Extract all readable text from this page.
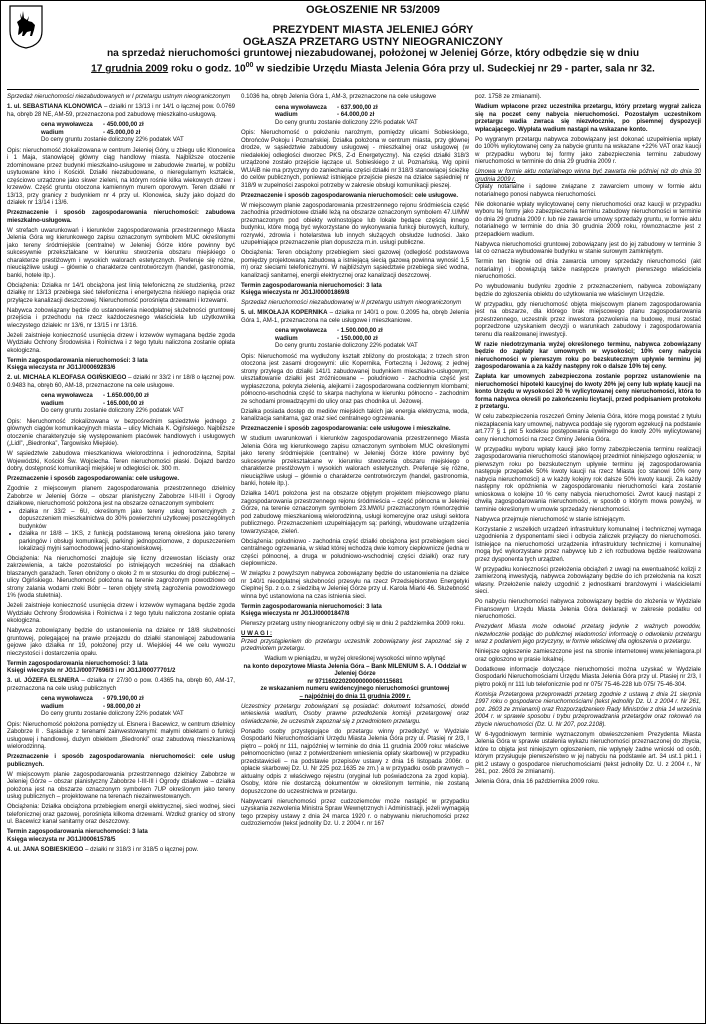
OGŁOSZENIE NR 53/2009
PREZYDENT MIASTA JELENIEJ GÓRY
OGŁASZA PRZETARG USTNY NIEOGRANICZONY
na sprzedaż nieruchomości gruntowej niezabudowanej, położonej w Jeleniej Górze, który odbędzie się w dniu
17 grudnia 2009 roku o godz. $10^{00}$ w siedzibie Urzędu Miasta Jelenia Góra przy ul. Sudeckiej nr 29 - parter, sala nr 32.

Sprzedaż nieruchomości niezabudowanych w I przetargu ustnym nieograniczonym

1. ul. SEBASTIANA KLONOWICA – działki nr 13/13 i nr 14/1 o łącznej pow. 0.0769 ha, obręb 28 NE, AM-59, przeznaczona pod zabudowę mieszkalno-usługową.

cena wywoławcza	- 450.000,00 zł
wadium	- 45.000,00 zł
Do ceny gruntu zostanie doliczony 22% podatek VAT

Opis: nieruchomość zlokalizowana w centrum Jeleniej Góry, u zbiegu ulic Klonowica i 1 Maja, stanowiącej główny ciąg handlowy miasta. Najbliższe otoczenie zdominowane przez budynki mieszkalno-usługowe w zabudowie zwartej, w pobliżu usytuowane kino i Kościół. Działki niezabudowane, o nieregularnym kształcie, częściowo urządzone jako skwer zieleni, na którym rośnie kilka wiekowych drzew i krzewów. Część gruntu otoczona kamiennym murem oporowym. Teren działki nr 13/13, przy granicy z budynkiem nr 4 przy ul. Klonowica, służy jako dojazd do działek nr 13/14 i 13/6.

Przeznaczenie i sposób zagospodarowania nieruchomości: zabudowa mieszkalno-usługowa.

W strefach uwarunkowań i kierunków zagospodarowania przestrzennego Miasta Jelenia Góra wg kierunkowego zapisu oznaczonym symbolem MUC określonymi jako tereny śródmiejskie (centralne) w Jeleniej Górze które powinny być sukcesywnie przekształcane w kierunku stworzenia obszaru miejskiego o charakterze prestiżowym i wysokich walorach estetycznych. Preferuje się różne, nieuciążliwe usługi – głównie o charakterze centrotwórczym (handel, gastronomia, banki, hotele itp.).

Obciążenia: Działka nr 14/1 obciążona jest linią telefoniczną ze studzienką, przez działkę nr 13/13 przebiega sieć telefoniczna i energetyczna niskiego napięcia oraz przyłącze kanalizacji deszczowej. Nieruchomość porośnięta drzewami i krzewami.

Nabywca zobowiązany będzie do ustanowienia nieodpłatnej służebności gruntowej przejścia i przechodu na rzecz każdoczesnego właściciela lub użytkownika wieczystego działek: nr 13/6, nr 13/15 i nr 13/16.

Jeżeli zaistnieje konieczność usunięcia drzew i krzewów wymagana będzie zgoda Wydziału Ochrony Środowiska i Rolnictwa i z tego tytułu naliczona zostanie opłata ekologiczna.

Termin zagospodarowania nieruchomości: 3 lata

Księga wieczysta nr JG1J/00069283/6

2. ul. MICHAŁA KLEOFASA OGIŃSKIEGO – działki nr 33/2 i nr 18/8 o łącznej pow. 0.9483 ha, obręb 60, AM-18, przeznaczone na cele usługowe.

cena wywoławcza	- 1.650.000,00 zł
wadium	- 165.000,00 zł
Do ceny gruntu zostanie doliczony 22% podatek VAT

Opis: Nieruchomość zlokalizowana w bezpośrednim sąsiedztwie jednego z głównych ciągów komunikacyjnych miasta – ulicy Michała K. Ogińskiego. Najbliższe otoczenie charakteryzuje się występowaniem placówek handlowych i usługowych („Lidl”, „Biedronka”, Targowisko Miejskie).

W sąsiedztwie zabudowa mieszkaniowa wielorodzinna i jednorodzinna, Szpital Wojewódzki, Kościół Św. Wojciecha. Teren nieruchomości płaski. Dojazd bardzo dobry, dostępność komunikacji miejskiej w odległości ok. 300 m.

Przeznaczenie i sposób zagospodarowania: cele usługowe.

Zgodnie z miejscowym planem zagospodarowania przestrzennego dzielnicy Zabobrze w Jeleniej Górze – obszar planistyczny Zabobrze I-III-III i Ogrody działkowe, nieruchomość położona jest na obszarze oznaczonym symbolem:

• działka nr 33/2 – 6U, określonym jako tereny usług komercyjnych z dopuszczeniem mieszkalnictwa do 30% powierzchni użytkowej poszczególnych budynków
• działka nr 18/8 – 1KS, z funkcją podstawową tereną określona jako tereny parkingów i obsługi komunikacji, parkingi jednopoziomowe, z dopuszczeniem lokalizacji myjni samochodowej jedno-stanowiskowej.

Obciążenia: Na nieruchomości znajduje się liczny drzewostan liściasty oraz zakrzewienia, a także pozostałości po istniejących wcześniej na działkach blaszanych garażach. Teren obniżony o około 2 m w stosunku do drogi publicznej – ulicy Ogińskiego. Nieruchomość położona na terenie zagrożonym powodziowo od strony zalania wodami rzeki Bóbr – teren objęty strefą zagrożenia powodziowego 1% (woda stuletnia).

Jeżeli zaistnieje konieczność usunięcia drzew i krzewów wymagana będzie zgoda Wydziału Ochrony Środowiska i Rolnictwa i z tego tytułu naliczona zostanie opłata ekologiczna.

Nabywca zobowiązany będzie do ustanowienia na działce nr 18/8 służebności gruntowej, polegającej na prawie przejazdu do działki stanowiącej zabudowania gejowe jako działka nr 19, położonej przy ul. Wiejskiej 44 we celu wywozu nieczystości i dostarczenia opału.

Termin zagospodarowania nieruchomości: 3 lata

Księgi wieczyste nr JG1J/00077696/3 i nr JG1J/00077701/2

3. ul. JÓZEFA ELSNERA – działka nr 27/30 o pow. 0.4365 ha, obręb 60, AM-17, przeznaczona na cele usług publicznych

cena wywoławcza	- 979.190,00 zł
wadium	- 98.000,00 zł
Do ceny gruntu zostanie doliczony 22% podatek VAT

Opis: Nieruchomość położona pomiędzy ul. Elsnera i Bacewicz, w centrum dzielnicy Zabobrze II . Sąsiaduje z terenami zainwestowanymi: małymi obiektami o funkcji usługowej i handlowej, dużym obiektem „Biedronki” oraz zabudową mieszkaniową wielorodzinną.

Przeznaczenie i sposób zagospodarowania nieruchomości: cele usług publicznych.

W miejscowym planie zagospodarowania przestrzennego dzielnicy Zabobrze w Jeleniej Górze – obszar planistyczny Zabobrze I-III-III i Ogrody działkowe – działka położona jest na obszarze oznaczonym symbolem 7UP określonym jako tereny usług publicznych – projektowane na terenach niezainwestowanych.

Obciążenia: Działka obciążona przebiegiem energii elektrycznej, sieci wodnej, sieci telefonicznej oraz gazowej, porośnięta kilkoma drzewami. Wzdłuż granicy od strony ul. Bacewicz kanał sanitarny oraz deszczowy.

Termin zagospodarowania nieruchomości: 3 lata

Księga wieczysta nr JG1J/00061578/5

4. ul. JANA SOBIESKIEGO – działki nr 318/3 i nr 318/5 o łącznej pow.

0.1036 ha, obręb Jelenia Góra 1, AM-3, przeznaczone na cele usługowe

cena wywoławcza	- 637.900,00 zł
wadium	- 64.000,00 zł
Do ceny gruntu zostanie doliczony 22% podatek VAT

Opis: Nieruchomość o położeniu narożnym, pomiędzy ulicami Sobieskiego, Obrońców Pokoju i Poznańskiej. Działka położona w centrum miasta, przy głównej drodze, w sąsiedztwie zabudowy usługowej - mieszkalnej oraz usługowej (w niedalekiej odległości dworzec PKS, Z-d Energetyczny). Na części działki 318/3 urządzone zostało przejście łączące ul. Sobieskiego z ul. Poznańską. Wg opinii WUAiB nie ma przyczyny do zaniechania części działki nr 318/3 stanowiącej ścieżkę do celów publicznych, ponieważ istniejące przejście piesze na działce sąsiedniej nr 318/9 w zupełności zaspokoi potrzeby w zakresie obsługi komunikacji pieszej.

Przeznaczenie i sposób zagospodarowania nieruchomości: cele usługowe.

W miejscowym planie zagospodarowania przestrzennego rejonu śródmieścia część zachodnia przedmiotowe działki leżą na obszarze oznaczonym symbolem 47.U/MW przeznaczonym pod obiekty wolnostojące lub lokale będące częścią innego budynku, które mogą być wykorzystane do wykonywania funkcji biurowych, kultury, rozrywki, zdrowia i hotelarstwa lub innych służących obsłudze ludności. Jako uzupełniające przeznaczenie plan dopuszcza m.in. usługi publiczne.

Obciążenia: Teren obciążony przebiegiem sieci gazowej (odległość podstawowa pomiędzy projektowaną zabudową a istniejącą siecią gazową powinna wynosić 1,5 m) oraz sieciami telefonicznymi. W najbliższym sąsiedztwie przebiega sieć wodna, kanalizacji sanitarnej, energii elektrycznej oraz kanalizacji deszczowej.

Termin zagospodarowania nieruchomości: 3 lata

Księga wieczysta nr JG1J/00001869/8

Sprzedaż nieruchomości niezabudowanej w II przetargu ustnym nieograniczonym

5. ul. MIKOŁAJA KOPERNIKA – działka nr 140/1 o pow. 0.2095 ha, obręb Jelenia Góra 1, AM-1, przeznaczona na cele usługowe i mieszkaniowe.

cena wywoławcza	- 1.500.000,00 zł
wadium	- 150.000,00 zł
Do ceny gruntu zostanie doliczony 22% podatek VAT

Opis: Nieruchomość ma wydłużony kształt zbliżony do prostokąta; z trzech stron otoczona jest zasami drogowymi: ulic Kopernika, Forteczną i Jeżową; z jednej strony przylega do działki 141/1 zabudowanej budynkiem mieszkalno-usługowym; ukształtowanie działki jest zróżnicowane – południowo - zachodnia część jest wypłaszczona, pokryta zielenią, alejkami i zagospodarowana codziennym klombami; północno-wschodnia część to skarpa nachylona w kierunku północno - zachodnim ze schodami prowadzącymi do ulicy oraz pas chodnika ul. Jeżowej.

Działka posiada dostęp do mediów miejskich takich jak energia elektryczna, woda, kanalizacja sanitarna, gaz oraz sieć centralnego ogrzewania.

Przeznaczenie i sposób zagospodarowania: cele usługowe i mieszkalne.

W studium uwarunkowań i kierunków zagospodarowania przestrzennego Miasta Jelenia Góra wg kierunkowego zapisu oznaczonym symbolem MUC określonymi jako tereny śródmiejskie (centralne) w Jeleniej Górze które powinny być sukcesywnie przekształcane w kierunku stworzenia obszaru miejskiego o charakterze prestiżowym i wysokich walorach estetycznych. Preferuje się różne, nieuciążliwe usługi – głównie o charakterze centrotwórczym (handel, gastronomia, banki, hotele itp.).

Działka 140/1 położona jest na obszarze objętym projektem miejscowego planu zagospodarowania przestrzennego rejonu śródmieścia – część północna w Jeleniej Górze, na terenie oznaczonym symbolem 23.MW/U przeznaczonym równorzędnie pod zabudowę mieszkaniową wielorodzinną, usługi komercyjne oraz usługi sektora publicznego. Przeznaczeniem uzupełniającym są: parkingi, wbudowane urządzenia towarzyszące, zieleń.

Obciążenia: południowo - zachodnia część działki obciążona jest przebiegiem sieci centralnego ogrzewania, w skład której wchodzą dwie komory ciepłownicze (jedna w części północnej, a druga w południowo-wschodniej części działki) oraz rury ciepłownicze.

W związku z powyższym nabywca zobowiązany będzie do ustanowienia na działce nr 140/1 nieodpłatnej służebności przesyłu na rzecz Przedsiębiorstwo Energetyki Cieplnej Sp. z o.o. z siedzibą w Jeleniej Górze przy ul. Karola Miarki 46. Służebność winna być ustanowiona na czas istnienia sieci.

Termin zagospodarowania nieruchomości: 3 lata

Księga wieczysta nr JG1J/00001847/8

Pierwszy przetarg ustny nieograniczony odbył się w dniu 2 października 2009 roku.

U W A G I :

Przed przystąpieniem do przetargu uczestnik zobowiązany jest zapoznać się z przedmiotem przetargu.

Wadium w pieniądzu, w wyżej określonej wysokości winno wpłynąć

na konto depozytowe Miasta Jelenia Góra – Bank MILENIUM S. A. I Oddział w Jeleniej Górze

nr 97116022020000000060115681

ze wskazaniem numeru ewidencyjnego nieruchomości gruntowej

– najpóźniej do dnia 11 grudnia 2009 r.

Uczestnicy przetargu zobowiązani są posiadać: dokument tożsamości, dowód wniesienia wadium, Osoby prawne przedłożenia komisji przetargowej oraz oświadczenie, że uczestnik zapoznał się z przedmiotem przetargu.

Ponadto osoby przystępujące do przetargu winny przedłożyć w Wydziale Gospodarki Nieruchomościami Urzędu Miasta Jelenia Góra przy ul. Ptasiej nr 2/3, I piętro – pokój nr 111, najpóźniej w terminie do dnia 11 grudnia 2009 roku: właściwe pełnomocnictwo (wraz z potwierdzeniem wniesienia opłaty skarbowej) w przypadku przedstawicieli – na podstawie przepisów ustawy z dnia 16 listopada 2006r. o opłacie skarbowej Dz. U. Nr 225 poz.1635 ze zm.) a w przypadku osób prawnych – aktualny odpis z właściwego rejestru (oryginał lub poświadczona za zgod kopia). Osoby, które nie dostarczą dokumentów w określonym terminie, nie zostaną dopuszczone do uczestnictwa w przetargu.

Nabywcami nieruchomości przez cudzoziemców może nastąpić w przypadku uzyskania zezwolenia Ministra Spraw Wewnętrznych i Administracji, jeżeli wymagają tego przepisy ustawy z dnia 24 marca 1920 r. o nabywaniu nieruchomości przez cudzoziemców (tekst jednolity Dz. U. z 2004 r. nr 167

poz. 1758 ze zmianami).

Wadium wpłacone przez uczestnika przetargu, który przetarg wygrał zalicza się na poczet ceny nabycia nieruchomości. Pozostałym uczestnikom przetargu wadia zwraca się niezwłocznie, po pisemnej dyspozycji wpłacającego. Wypłata wadium nastąpi na wskazane konto.

Po wygranym przetargu nabywca zobowiązany jest dokonać uzupełnienia wpłaty do 100% wylicytowanej ceny za nabycie gruntu na wskazane +22% VAT oraz kaucji w przypadku wyboru tej formy jako zabezpieczenia terminu zabudowy nieruchomości w terminie do dnia 29 grudnia 2009 r.

Umowa w formie aktu notarialnego winna być zawarta nie później niż do dnia 30 grudnia 2009 r.

Opłaty notarialne i sądowe związane z zawarciem umowy w formie aktu notarialnego ponosi nabywca nieruchomości.

Nie dokonanie wpłaty wylicytowanej ceny nieruchomości oraz kaucji w przypadku wyboru tej formy jako zabezpieczenia terminu zabudowy nieruchomości w terminie do dnia 29 grudnia 2009 r. lub nie zawarcie umowy sprzedaży gruntu, w formie aktu notarialnego w terminie do dnia 30 grudnia 2009 roku, równoznaczne jest z przepadkiem wadium.

Nabywca nieruchomości gruntowej zobowiązany jest do jej zabudowy w terminie 3 lat co oznacza wybudowanie budynku w stanie surowym zamkniętym.

Termin ten biegnie od dnia zawarcia umowy sprzedaży nieruchomości (akt notarialny) i obowiązują także następcze prawnych pierwszego właściciela nieruchomości.

Po wybudowaniu budynku zgodnie z przeznaczeniem, nabywca zobowiązany będzie do zgłoszenia obiektu do użytkowania we właściwym Urzędzie.

W przypadku, gdy nieruchomość objęta miejscowym planem zagospodarowania jest na obszarze, dla którego brak miejscowego planu zagospodarowania przestrzennego, uczestnik przez inwestora pozwolenia na budowę, musi zostać poprzedzone uzyskaniem decyzji o warunkach zabudowy i zagospodarowania terenu dla realizowanej inwestycji.

W razie niedotrzymania wyżej określonego terminu, nabywca zobowiązany będzie do zapłaty kar umownych w wysokości; 10% ceny nabycia nieruchomości w pierwszym roku po bezskutecznym upływie terminu jej zagospodarowania a za każdy następny rok o dalsze 10% tej ceny.

Zapłata kar umownych zabezpieczona zostanie poprzez ustanowienie na nieruchomości hipoteki kaucyjnej do kwoty 20% jej ceny lub wpłatę kaucji na konto Urzędu w wysokości 20 % wylicytowanej ceny nieruchomości, która to forma nabywca określi po zakończeniu licytacji, przed podpisaniem protokołu z przetargu.

W celu zabezpieczenia roszczeń Gminy Jelenia Góra, które mogą powstać z tytułu niezapłacenia kary umownej, nabywca poddaje się rygorom egzekucji na podstawie art.777 § 1 pkt 5 kodeksu postępowania cywilnego do kwoty 20% wylicytowanej ceny nieruchomości na rzecz Gminy Jelenia Góra.

W przypadku wyboru wpłaty kaucji jako formy zabezpieczenia terminu realizacji zagospodarowania nieruchomości stanowiącej przedmiot niniejszego ogłoszenia; w pierwszym roku po bezskutecznym upływie terminu jej zagospodarowania następuje przepadek 50% kwoty kaucji na rzecz Miasta (co stanowi 10% ceny nabycia nieruchomości) a w każdy kolejny rok dalsze 50% kwoty kaucji. Za każdy następny rok opóźnienia w zagospodarowaniu nieruchomości kara zostanie wnioskowa o kolejne 10 % ceny nabycia nieruchomości. Zwrot kaucji nastąpi z chwilą zagospodarowania nieruchomości, w sposób o którym mowa powyżej, w terminie określonym w umowie sprzedaży nieruchomości.

Nabywca przejmuje nieruchomość w stanie istniejącym.

Korzystanie z wszelkich urządzeń infrastruktury komunalnej i technicznej wymaga uzgodnienia z dysponentami sieci i odbycia zaliczek przyłączy do nieruchomości. Istniejące na nieruchomości urządzenia infrastruktury technicznej i komunalnej mogą być wykorzystane przez nabywcę lub z ich rozbudowa będzie realizowana przez dysponenta tych urządzeń.

W przypadku konieczności przełożenia obciążeń z uwagi na ewentualność kolizji z zamierzoną inwestycją, nabywca zobowiązany będzie do ich przełożenia na koszt własny. Przełożenie należy uzgodnić z jednostkami branżowymi i właścicielami sieci.

Po nabyciu nieruchomości nabywca zobowiązany będzie do złożenia w Wydziale Finansowym Urzędu Miasta Jelenia Góra deklaracji w zakresie podatku od nieruchomości.

Prezydent Miasta może odwołać przetarg jedynie z ważnych powodów, niezwłocznie podając do publicznej wiadomości informację o odwołaniu przetargu wraz z podaniem jego przyczyny, w formie właściwej dla ogłoszenia o przetargu.

Niniejsze ogłoszenie zamieszczone jest na stronie internetowej www.jeleniagora.pl oraz ogłoszono w prasie lokalnej.

Dodatkowe informacje dotyczące nieruchomości można uzyskać w Wydziale Gospodarki Nieruchomościami Urzędu Miasta Jelenia Góra przy ul. Ptasiej nr 2/3, I piętro pokój nr 111 lub telefonicznie pod nr 075/ 75-46-228 lub 075/ 75-46-304.

Komisja Przetargowa przeprowadzi przetarg zgodnie z ustawą z dnia 21 sierpnia 1997 roku o gospodarce nieruchomościami (tekst jednolity Dz. U. z 2004 r. Nr 261, poz. 2603 ze zmianami) oraz Rozporządzeniem Rady Ministrów z dnia 14 września 2004 r. w sprawie sposobu i trybu przeprowadzania przetargów oraz rokowań na zbycie nieruchomości (Dz. U. Nr 207, poz.2108).

W 6-tygodniowym terminie wyznaczonym obwieszczeniem Prezydenta Miasta Jelenia Góra w sprawie ustalenia wykazu nieruchomości przeznaczonej do zbycia, które to objęta jest niniejszym ogłoszeniem, nie wpłynęły żadne wnioski od osób, którym przysługuje pierwszeństwo w jej nabyciu na podstawie art. 34 ust.1 pkt.1 i pkt.2 ustawy o gospodarce nieruchomościami (tekst jednolity Dz. U. z 2004 r., Nr 261, poz. 2603 ze zmianami).

Jelenia Góra, dnia 16 października 2009 roku.
